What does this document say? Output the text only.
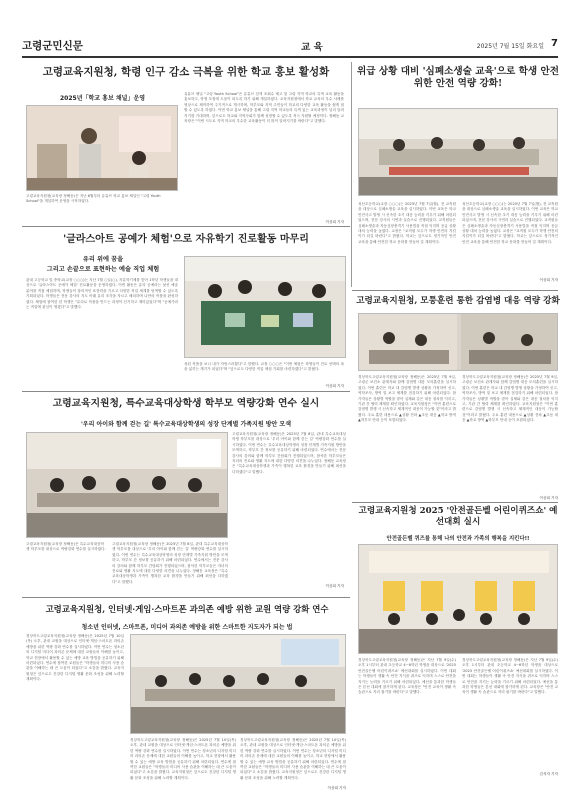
고령군민신문	교 육	2025년 7월 15일 화요일 7
고령교육지원청, 학령 인구 감소 극복을 위한 학교 홍보 활성화
2025년「학교 홍보 채널」운영
고령교육지원청(교육장 정해동)은 지난 6월부터 유튜브 학교 홍보 채널인 "고령 Youth School"을 개설하여 운영을 시작하였다.
유튜브 채널 "고령 Youth School"은 유튜브 검색 조회수 제고 및 고령 지역 학교의 특색 교육 활동을 홍보하고, 학생 모집에 도움이 되도록 하기 위해 개설하였다. 교육지원청에서 학교 교육의 우수 사례를 영상으로 제작하여 주기적으로 게시하며, 학부모와 지역 주민들이 학교의 다양한 교육 활동을 쉽게 접할 수 있도록 하였다. 이번 학교 홍보 채널을 통해 고령 지역 학교들의 특색 있는 교육과정이 널리 알려지기를 기대하며, 앞으로도 학교와 지역사회가 함께 성장할 수 있도록 적극 지원할 예정이다. 정해동 교육장은 "이번 시도로 지역 학교의 우수한 교육활동이 더 많이 알려지기를 바란다"고 말했다.
이상희 기자
위급 상황 대비 '심폐소생술 교육'으로 학생 안전 위한 안전 역량 강화!
성산초등학교(교장 ○○○)는 2025년 7월 7일(월), 전 교직원을 대상으로 심폐소생술 교육을 실시하였다. 이번 교육은 학교 안전사고 발생 시 신속한 초기 대응 능력을 키우기 위해 마련되었으며, 전문 강사의 시연과 실습으로 진행되었다. 교직원들은 심폐소생술과 자동심장충격기 사용법을 직접 익히며 응급 상황 대처 능력을 높였다. 교장은 "교직원 모두가 학생 안전의 지킴이가 되길 바란다"고 밝혔다. 학교는 앞으로도 정기적인 안전 교육을 통해 안전한 학교 문화를 만들어 갈 계획이다.
성산초등학교(교장 ○○○)는 2025년 7월 7일(월), 전 교직원을 대상으로 심폐소생술 교육을 실시하였다. 이번 교육은 학교 안전사고 발생 시 신속한 초기 대응 능력을 키우기 위해 마련되었으며, 전문 강사의 시연과 실습으로 진행되었다. 교직원들은 심폐소생술과 자동심장충격기 사용법을 직접 익히며 응급 상황 대처 능력을 높였다. 교장은 "교직원 모두가 학생 안전의 지킴이가 되길 바란다"고 밝혔다. 학교는 앞으로도 정기적인 안전 교육을 통해 안전한 학교 문화를 만들어 갈 계획이다.
이상희 기자
'글라스아트 공예가 체험'으로 자유학기 진로활동 마무리
유리 위에 꿈을
그리고 손끝으로 표현하는 예술 직업 체험
관내 고등학교 및 중학교(교장 ○○○)는 지난 7월 ○일(○), 자유학기제를 맞아 1학년 학생들을 대상으로 '글라스아트 공예가 체험' 진로활동을 운영하였다. 이번 활동은 유리 공예라는 낯선 예술 분야를 직접 체험하며, 학생들이 창의적인 표현력을 기르고 다양한 직업 세계를 탐색할 수 있도록 기획되었다. 학생들은 전문 강사의 지도 아래 유리 조각을 자르고 배치하며 나만의 작품을 완성하였다. 체험에 참여한 한 학생은 "유리로 작품을 만드는 과정이 신기하고 재미있었다"며 "공예가라는 직업에 관심이 생겼다"고 말했다.
성된 작품을 보니 내가 자랑스러웠다"고 말했다. 교장 ○○○은 "이번 체험은 학생들이 진로 선택의 폭을 넓히는 계기가 되었다"며 "앞으로도 다양한 직업 체험 기회를 마련하겠다"고 밝혔다.
이상희 기자
고령교육지원청, 모퉁훈련 통한 감염병 대응 역량 강화
경상북도고령교육지원청(교육장 정해동)은 2025년 7월 9일, 고령군 보건소 관계자와 함께 감염병 대응 모의훈련을 실시하였다. 이번 훈련은 학교 내 감염병 발생 상황을 가정하여 신고, 역학조사, 방역 및 보고 체계를 점검하기 위해 마련되었다. 참가자들은 상황별 역할을 맡아 실제와 같은 대응 절차를 익히고, 기관 간 협력 체계를 확인하였다. 교육지원청은 "이번 훈련으로 감염병 발생 시 신속하고 체계적인 대응이 가능할 것"이라고 밝혔다. 주요 훈련 내용으로 ▲상황 전파 ▲초동 대응 ▲학교 방역 ▲학부모 안내 등이 포함되었다.
경상북도고령교육지원청(교육장 정해동)은 2025년 7월 9일, 고령군 보건소 관계자와 함께 감염병 대응 모의훈련을 실시하였다. 이번 훈련은 학교 내 감염병 발생 상황을 가정하여 신고, 역학조사, 방역 및 보고 체계를 점검하기 위해 마련되었다. 참가자들은 상황별 역할을 맡아 실제와 같은 대응 절차를 익히고, 기관 간 협력 체계를 확인하였다. 교육지원청은 "이번 훈련으로 감염병 발생 시 신속하고 체계적인 대응이 가능할 것"이라고 밝혔다. 주요 훈련 내용으로 ▲상황 전파 ▲초동 대응 ▲학교 방역 ▲학부모 안내 등이 포함되었다.
이상희 기자
고령교육지원청, 특수교육대상학생 학부모 역량강화 연수 실시
'우리 아이와 함께 걷는 길' 특수교육대상학생의 성장 단계별 가족지원 방안 모색
고령교육지원청(교육장 정해동)은 2025년 7월 8일, 관내 특수교육대상학생 학부모를 대상으로 '우리 아이와 함께 걷는 길' 역량강화 연수를 실시하였다. 이번 연수는 특수교육대상학생의 성장 단계별 가족지원 방안을 모색하고, 학부모 간 정보를 공유하기 위해 마련되었다. 연수에서는 전문 강사의 강의와 함께 학부모 간담회가 진행되었으며, 참석한 학부모들은 자녀의 진로와 생활 지도에 대한 다양한 의견을 나누었다. 정해동 교육장은 "특수교육대상학생과 가족이 행복한 교육 환경을 만들기 위해 최선을 다하겠다"고 말했다.
고령교육지원청(교육장 정해동)은 특수교육대상학생 학부모를 대상으로 역량강화 연수를 실시하였다.
고령교육지원청(교육장 정해동)은 2025년 7월 8일, 관내 특수교육대상학생 학부모를 대상으로 '우리 아이와 함께 걷는 길' 역량강화 연수를 실시하였다. 이번 연수는 특수교육대상학생의 성장 단계별 가족지원 방안을 모색하고, 학부모 간 정보를 공유하기 위해 마련되었다. 연수에서는 전문 강사의 강의와 함께 학부모 간담회가 진행되었으며, 참석한 학부모들은 자녀의 진로와 생활 지도에 대한 다양한 의견을 나누었다. 정해동 교육장은 "특수교육대상학생과 가족이 행복한 교육 환경을 만들기 위해 최선을 다하겠다"고 말했다.
이상희 기자
고령교육지원청 2025 '안전골든벨 어린이퀴즈쇼' 예선대회 실시
안전골든벨 퀴즈를 통해 나의 안전과 가족의 행복을 지킨다!!
경상북도고령교육지원청(교육장 정해동)은 지난 7월 9일(수) 오후 1시부터 관내 초등학교 4~6학년 학생을 대상으로 '2025 안전골든벨 어린이퀴즈쇼' 예선대회를 실시하였다. 이번 대회는 학생들이 생활 속 안전 지식을 퀴즈로 익히며 스스로 안전을 지키는 능력을 기르기 위해 마련되었다. 예선을 통과한 학생들은 본선 대회에 참가하게 된다. 교육장은 "안전 교육이 생활 속 습관으로 자리 잡기를 바란다"고 말했다.
경상북도고령교육지원청(교육장 정해동)은 지난 7월 9일(수) 오후 1시부터 관내 초등학교 4~6학년 학생을 대상으로 '2025 안전골든벨 어린이퀴즈쇼' 예선대회를 실시하였다. 이번 대회는 학생들이 생활 속 안전 지식을 퀴즈로 익히며 스스로 안전을 지키는 능력을 기르기 위해 마련되었다. 예선을 통과한 학생들은 본선 대회에 참가하게 된다. 교육장은 "안전 교육이 생활 속 습관으로 자리 잡기를 바란다"고 말했다.
김석자 기자
고령교육지원청, 인터넷·게임·스마트폰 과의존 예방 위한 교원 역량 강화 연수
청소년 인터넷, 스마트폰, 미디어 과의존 예방을 위한 스마트한 지도자가 되는 법
경상북도고령교육지원청(교육장 정해동)은 2025년 7월 10일(목) 오후, 관내 교원을 대상으로 인터넷·게임·스마트폰 과의존 예방을 위한 역량 강화 연수를 실시하였다. 이번 연수는 청소년의 디지털 미디어 과의존 문제에 대한 교원들의 이해를 높이고, 학교 현장에서 활용할 수 있는 예방 교육 방법을 공유하기 위해 마련되었다. 연수에 참여한 교원들은 "학생들의 미디어 사용 습관을 이해하는 데 큰 도움이 되었다"고 소감을 밝혔다. 교육지원청은 앞으로도 건강한 디지털 생활 문화 조성을 위해 노력할 계획이다.
경상북도고령교육지원청(교육장 정해동)은 2025년 7월 10일(목) 오후, 관내 교원을 대상으로 인터넷·게임·스마트폰 과의존 예방을 위한 역량 강화 연수를 실시하였다. 이번 연수는 청소년의 디지털 미디어 과의존 문제에 대한 교원들의 이해를 높이고, 학교 현장에서 활용할 수 있는 예방 교육 방법을 공유하기 위해 마련되었다. 연수에 참여한 교원들은 "학생들의 미디어 사용 습관을 이해하는 데 큰 도움이 되었다"고 소감을 밝혔다. 교육지원청은 앞으로도 건강한 디지털 생활 문화 조성을 위해 노력할 계획이다.
경상북도고령교육지원청(교육장 정해동)은 2025년 7월 10일(목) 오후, 관내 교원을 대상으로 인터넷·게임·스마트폰 과의존 예방을 위한 역량 강화 연수를 실시하였다. 이번 연수는 청소년의 디지털 미디어 과의존 문제에 대한 교원들의 이해를 높이고, 학교 현장에서 활용할 수 있는 예방 교육 방법을 공유하기 위해 마련되었다. 연수에 참여한 교원들은 "학생들의 미디어 사용 습관을 이해하는 데 큰 도움이 되었다"고 소감을 밝혔다. 교육지원청은 앞으로도 건강한 디지털 생활 문화 조성을 위해 노력할 계획이다.
이상희 기자
